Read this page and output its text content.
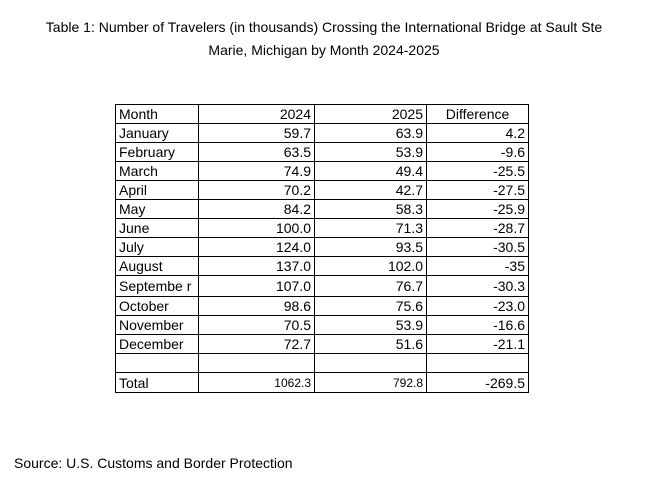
Table 1: Number of Travelers (in thousands) Crossing the International Bridge at Sault Ste
Marie, Michigan by Month 2024-2025
Month	2024	2025	Difference
January	59.7	63.9	4.2
February	63.5	53.9	-9.6
March	74.9	49.4	-25.5
April	70.2	42.7	-27.5
May	84.2	58.3	-25.9
June	100.0	71.3	-28.7
July	124.0	93.5	-30.5
August	137.0	102.0	-35
Septembe r	107.0	76.7	-30.3
October	98.6	75.6	-23.0
November	70.5	53.9	-16.6
December	72.7	51.6	-21.1

Total	1062.3	792.8	-269.5
Source: U.S. Customs and Border Protection
